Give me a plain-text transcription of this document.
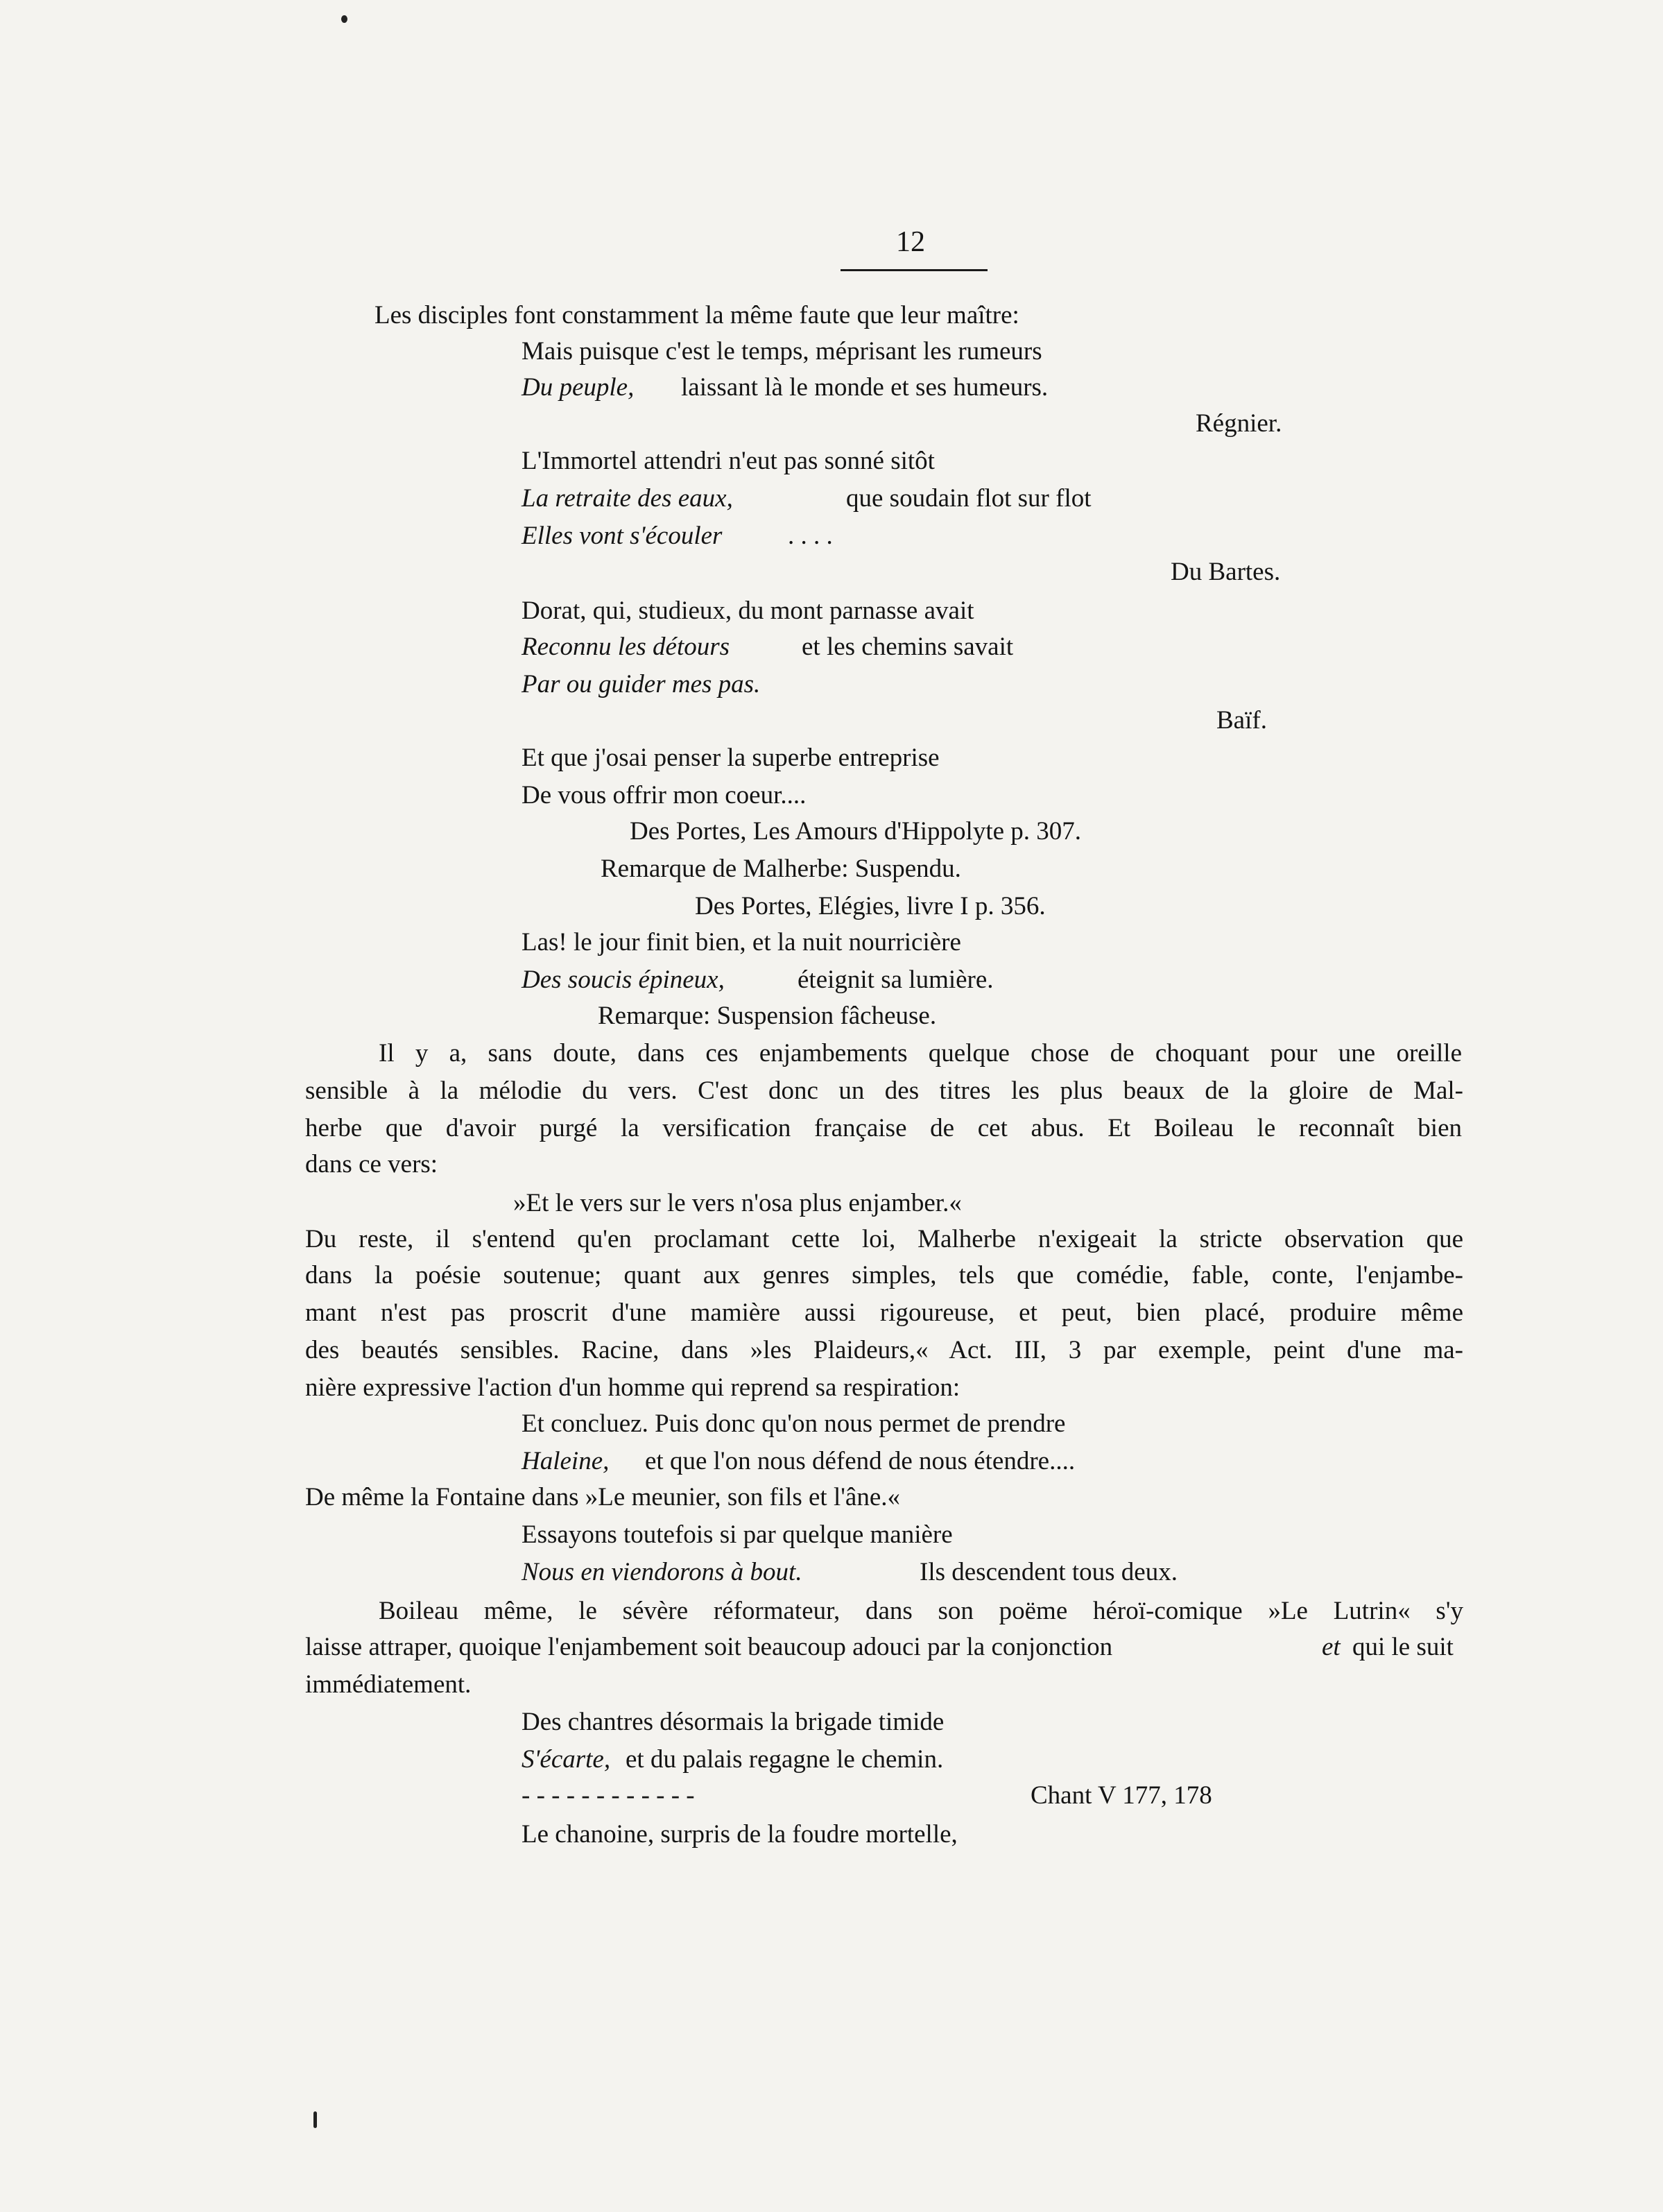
12
Les disciples font constamment la même faute que leur maître:
Mais puisque c'est le temps, méprisant les rumeurs
Du peuple, laissant là le monde et ses humeurs.
Régnier.
L'Immortel attendri n'eut pas sonné sitôt
La retraite des eaux,	que soudain flot sur flot
Elles vont s'écouler	. . . .
Du Bartes.
Dorat, qui, studieux, du mont parnasse avait
Reconnu les détours	et les chemins savait
Par ou guider mes pas.
Baïf.
Et que j'osai penser la superbe entreprise
De vous offrir mon coeur....
Des Portes, Les Amours d'Hippolyte p. 307.
Remarque de Malherbe: Suspendu.
Des Portes, Elégies, livre I p. 356.
Las! le jour finit bien, et la nuit nourricière
Des soucis épineux,	éteignit sa lumière.
Remarque: Suspension fâcheuse.
Il y a, sans doute, dans ces enjambements quelque chose de choquant pour une oreille
sensible à la mélodie du vers. C'est donc un des titres les plus beaux de la gloire de Mal-
herbe que d'avoir purgé la versification française de cet abus. Et Boileau le reconnaît bien
dans ce vers:
»Et le vers sur le vers n'osa plus enjamber.«
Du reste, il s'entend qu'en proclamant cette loi, Malherbe n'exigeait la stricte observation que
dans la poésie soutenue; quant aux genres simples, tels que comédie, fable, conte, l'enjambe-
mant n'est pas proscrit d'une mamière aussi rigoureuse, et peut, bien placé, produire même
des beautés sensibles. Racine, dans »les Plaideurs,« Act. III, 3 par exemple, peint d'une ma-
nière expressive l'action d'un homme qui reprend sa respiration:
Et concluez. Puis donc qu'on nous permet de prendre
Haleine, et que l'on nous défend de nous étendre....
De même la Fontaine dans »Le meunier, son fils et l'âne.«
Essayons toutefois si par quelque manière
Nous en viendorons à bout.	Ils descendent tous deux.
Boileau même, le sévère réformateur, dans son poëme héroï-comique »Le Lutrin« s'y
laisse attraper, quoique l'enjambement soit beaucoup adouci par la conjonction	et qui le suit
immédiatement.
Des chantres désormais la brigade timide
S'écarte, et du palais regagne le chemin.
- - - - - - - - - - - -	Chant V 177, 178
Le chanoine, surpris de la foudre mortelle,
